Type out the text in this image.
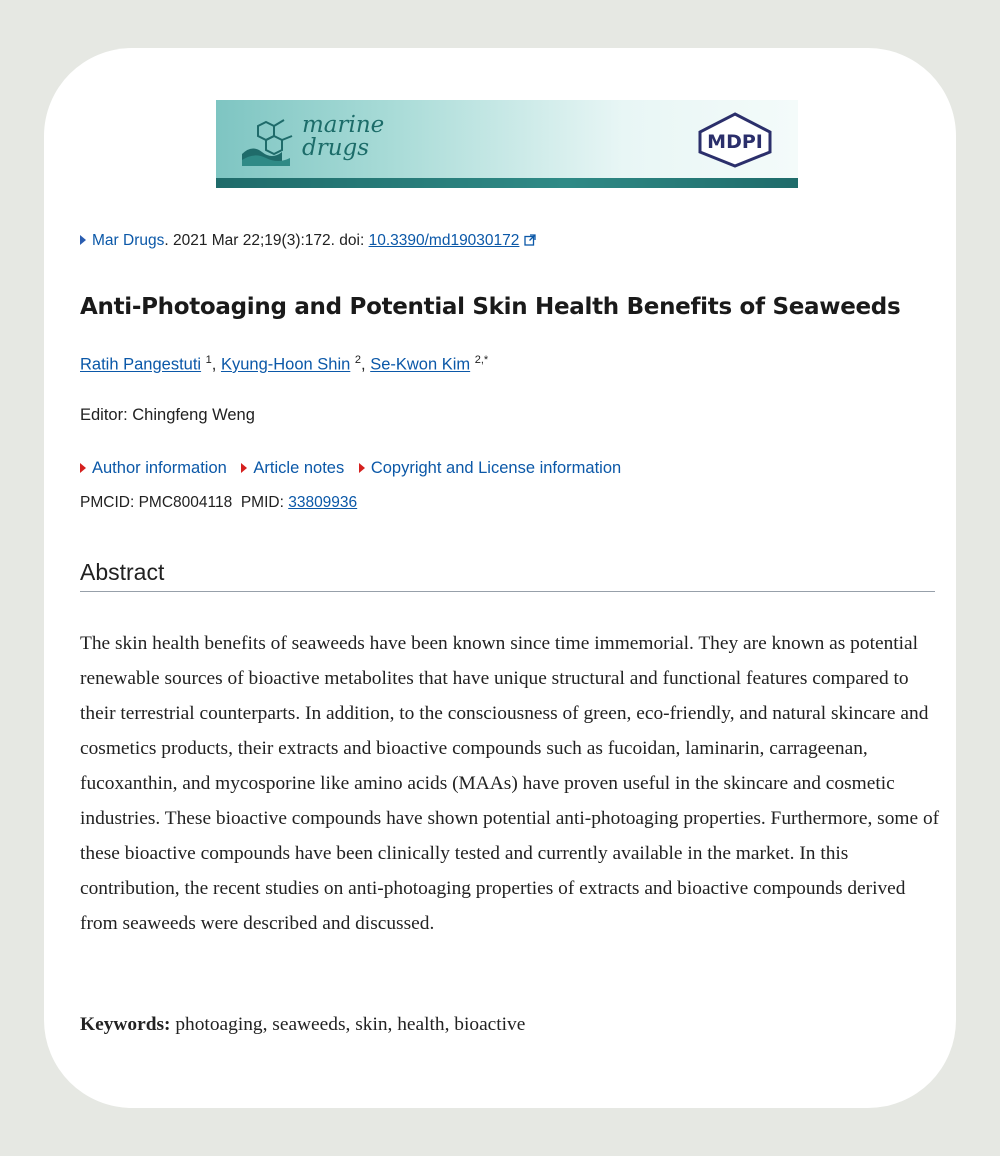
marine
drugs	MDPI
Mar Drugs. 2021 Mar 22;19(3):172. doi: 10.3390/md19030172
Anti-Photoaging and Potential Skin Health Benefits of Seaweeds
Ratih Pangestuti $^1$, Kyung-Hoon Shin $^2$, Se-Kwon Kim $^{2,*}$
Editor: Chingfeng Weng
Author information Article notes Copyright and License information
PMCID: PMC8004118 PMID: 33809936
Abstract

The skin health benefits of seaweeds have been known since time immemorial. They are known as potential renewable sources of bioactive metabolites that have unique structural and functional features compared to their terrestrial counterparts. In addition, to the consciousness of green, eco-friendly, and natural skincare and cosmetics products, their extracts and bioactive compounds such as fucoidan, laminarin, carrageenan, fucoxanthin, and mycosporine like amino acids (MAAs) have proven useful in the skincare and cosmetic industries. These bioactive compounds have shown potential anti-photoaging properties. Furthermore, some of these bioactive compounds have been clinically tested and currently available in the market. In this contribution, the recent studies on anti-photoaging properties of extracts and bioactive compounds derived from seaweeds were described and discussed.

Keywords: photoaging, seaweeds, skin, health, bioactive
